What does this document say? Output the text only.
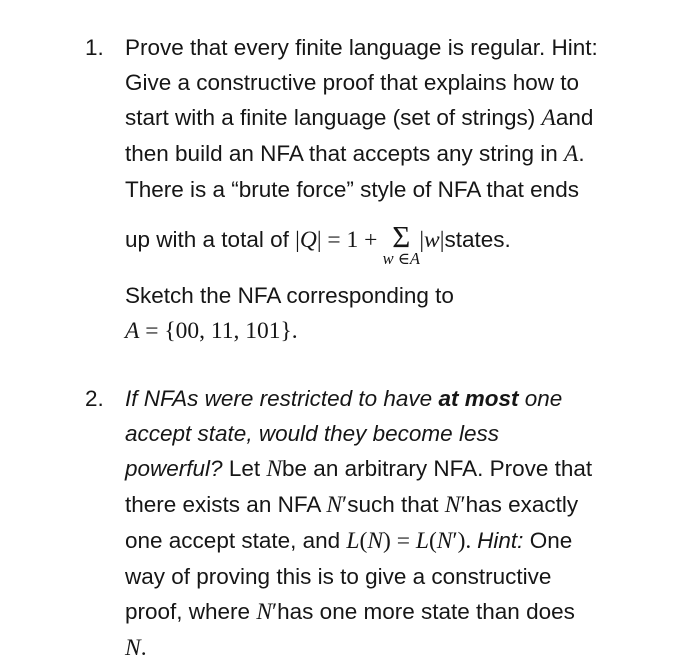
1. Prove that every finite language is regular. Hint:
Give a constructive proof that explains how to
start with a finite language (set of strings) Aand
then build an NFA that accepts any string in A.
There is a “brute force” style of NFA that ends
up with a total of |Q| = 1 + Σ
w ∈A
|w|states.
Sketch the NFA corresponding to
A = {00, 11, 101}.
2. If NFAs were restricted to have at most one
accept state, would they become less
powerful? Let Nbe an arbitrary NFA. Prove that
there exists an NFA N′such that N′has exactly
one accept state, and L(N) = L(N′). Hint: One
way of proving this is to give a constructive
proof, where N′has one more state than does
N.
